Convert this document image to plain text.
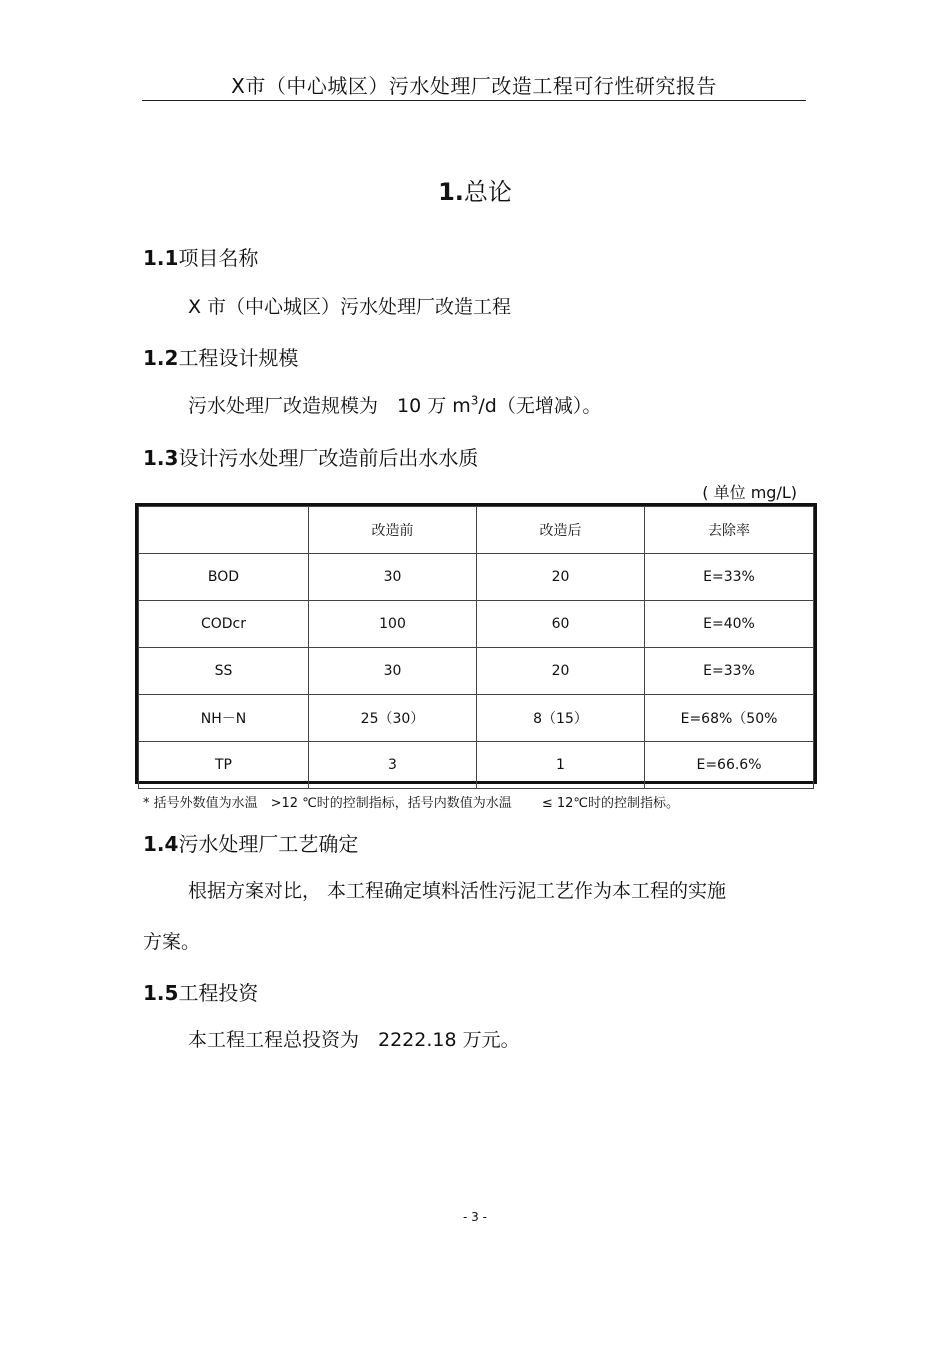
X市（中心城区）污水处理厂改造工程可行性研究报告
1.总论
1.1项目名称
X 市（中心城区）污水处理厂改造工程
1.2工程设计规模
污水处理厂改造规模为　10 万 $m^3/d$（无增减）。
1.3设计污水处理厂改造前后出水水质
( 单位 mg/L)
	改造前	改造后	去除率
BOD	30	20	E=33%
CODcr	100	60	E=40%
SS	30	20	E=33%
NH－N	25（30）	8（15）	E=68%（50%
TP	3	1	E=66.6%
* 括号外数值为水温　>12 ℃时的控制指标，括号内数值为水温 ≤ 12℃时的控制指标。
1.4污水处理厂工艺确定
根据方案对比， 本工程确定填料活性污泥工艺作为本工程的实施
方案。
1.5工程投资
本工程工程总投资为　2222.18 万元。
- 3 -
